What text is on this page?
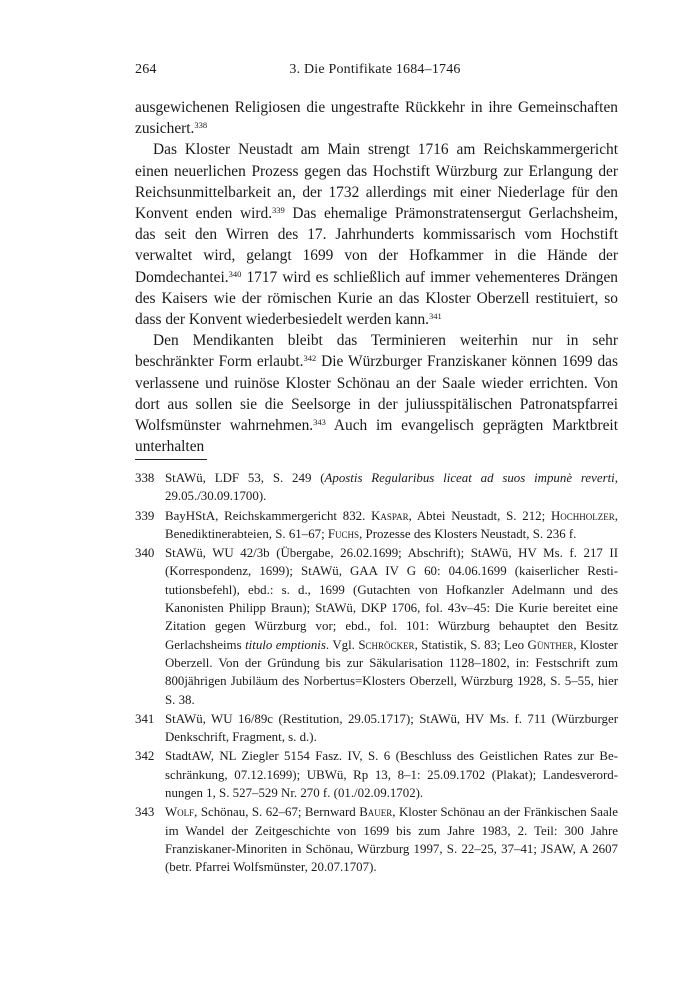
264	3. Die Pontifikate 1684–1746

ausgewichenen Religiosen die ungestrafte Rückkehr in ihre Gemeinschaften zusichert.$^{338}$

Das Kloster Neustadt am Main strengt 1716 am Reichskammergericht einen neuerlichen Prozess gegen das Hochstift Würzburg zur Erlangung der Reichsunmittelbarkeit an, der 1732 allerdings mit einer Niederlage für den Konvent enden wird.$^{339}$ Das ehemalige Prämonstratensergut Gerlachsheim, das seit den Wirren des 17. Jahrhunderts kommissarisch vom Hochstift verwaltet wird, gelangt 1699 von der Hofkammer in die Hände der Domdechantei.$^{340}$ 1717 wird es schließlich auf immer vehementeres Drängen des Kaisers wie der römischen Kurie an das Kloster Oberzell restituiert, so dass der Konvent wiederbesiedelt werden kann.$^{341}$

Den Mendikanten bleibt das Terminieren weiterhin nur in sehr beschränkter Form erlaubt.$^{342}$ Die Würzburger Franziskaner können 1699 das verlassene und ruinöse Kloster Schönau an der Saale wieder errichten. Von dort aus sollen sie die Seelsorge in der juliusspitälischen Patronatspfarrei Wolfsmünster wahrnehmen.$^{343}$ Auch im evangelisch geprägten Marktbreit unterhalten

338 StAWü, LDF 53, S. 249 (Apostis Regularibus liceat ad suos impunè reverti, 29.05./30.09.1700).
339 BayHStA, Reichskammergericht 832. Kaspar, Abtei Neustadt, S. 212; Hochholzer, Benediktinerabteien, S. 61–67; Fuchs, Prozesse des Klosters Neustadt, S. 236 f.
340 StAWü, WU 42/3b (Übergabe, 26.02.1699; Abschrift); StAWü, HV Ms. f. 217 II (Korrespondenz, 1699); StAWü, GAA IV G 60: 04.06.1699 (kaiserlicher Restitutionsbefehl), ebd.: s. d., 1699 (Gutachten von Hofkanzler Adelmann und des Kanonisten Philipp Braun); StAWü, DKP 1706, fol. 43v–45: Die Kurie bereitet eine Zitation gegen Würzburg vor; ebd., fol. 101: Würzburg behauptet den Besitz Gerlachsheims titulo emptionis. Vgl. Schröcker, Statistik, S. 83; Leo Günther, Kloster Oberzell. Von der Gründung bis zur Säkularisation 1128–1802, in: Festschrift zum 800jährigen Jubiläum des Norbertus=Klosters Oberzell, Würzburg 1928, S. 5–55, hier S. 38.
341 StAWü, WU 16/89c (Restitution, 29.05.1717); StAWü, HV Ms. f. 711 (Würzburger Denkschrift, Fragment, s. d.).
342 StadtAW, NL Ziegler 5154 Fasz. IV, S. 6 (Beschluss des Geistlichen Rates zur Beschränkung, 07.12.1699); UBWü, Rp 13, 8–1: 25.09.1702 (Plakat); Landesverordnungen 1, S. 527–529 Nr. 270 f. (01./02.09.1702).
343 Wolf, Schönau, S. 62–67; Bernward Bauer, Kloster Schönau an der Fränkischen Saale im Wandel der Zeitgeschichte von 1699 bis zum Jahre 1983, 2. Teil: 300 Jahre Franziskaner-Minoriten in Schönau, Würzburg 1997, S. 22–25, 37–41; JSAW, A 2607 (betr. Pfarrei Wolfsmünster, 20.07.1707).
